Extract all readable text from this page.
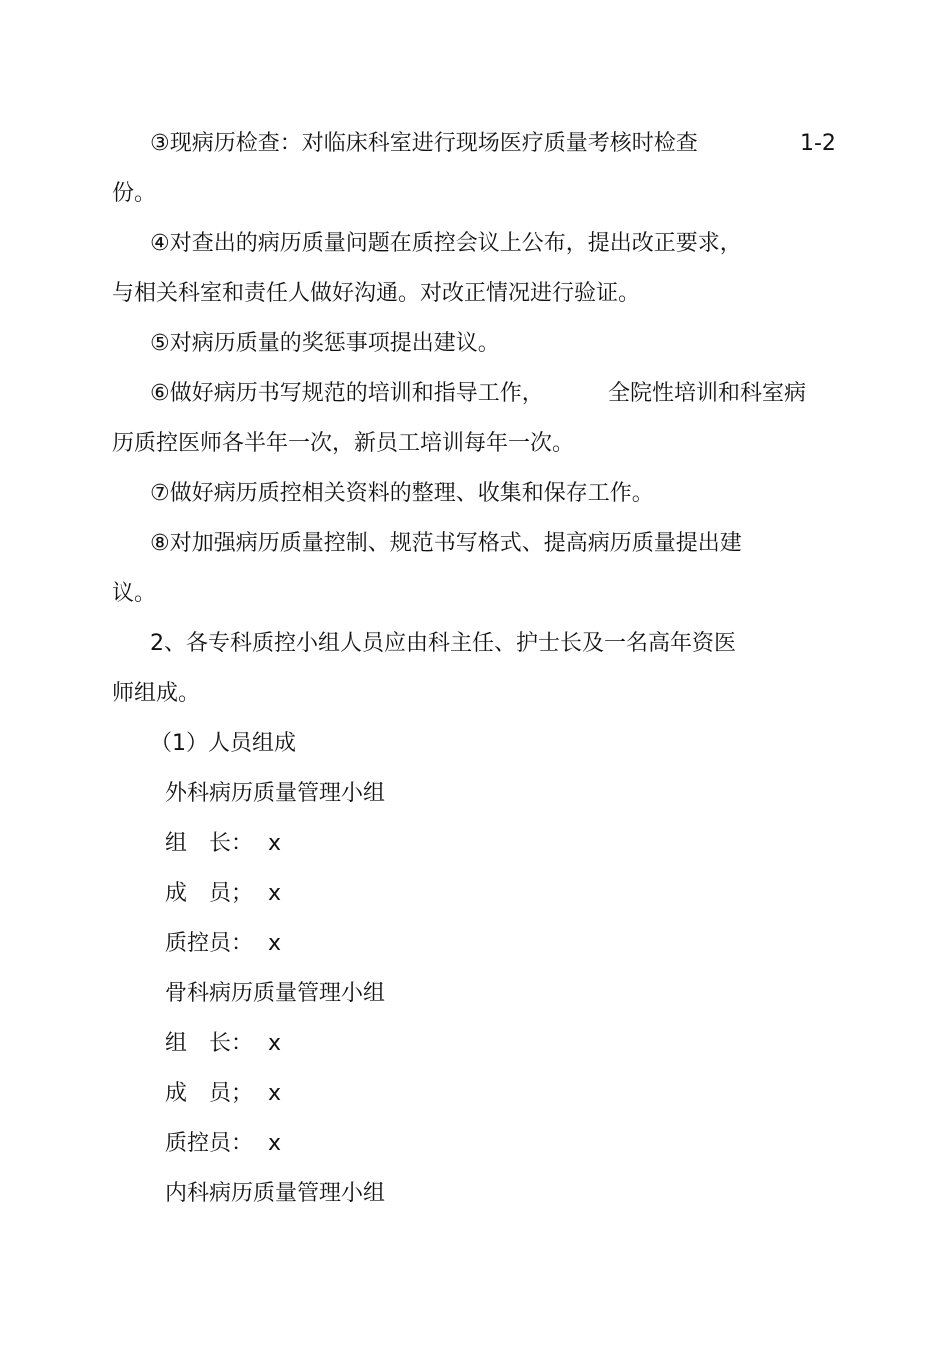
③现病历检查：对临床科室进行现场医疗质量考核时检查	1-2
份。
④对查出的病历质量问题在质控会议上公布，提出改正要求，
与相关科室和责任人做好沟通。对改正情况进行验证。
⑤对病历质量的奖惩事项提出建议。
⑥做好病历书写规范的培训和指导工作，	全院性培训和科室病
历质控医师各半年一次，新员工培训每年一次。
⑦做好病历质控相关资料的整理、收集和保存工作。
⑧对加强病历质量控制、规范书写格式、提高病历质量提出建
议。
2、各专科质控小组人员应由科主任、护士长及一名高年资医
师组成。
（1）人员组成
外科病历质量管理小组
组　长： x
成　员； x
质控员： x
骨科病历质量管理小组
组　长： x
成　员； x
质控员： x
内科病历质量管理小组
